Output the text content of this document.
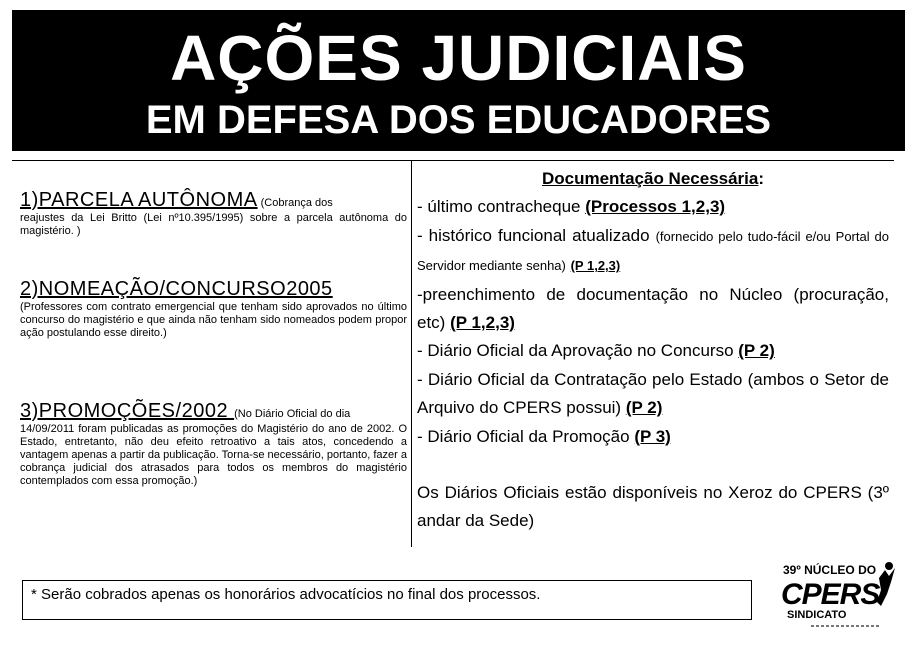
AÇÕES JUDICIAIS
EM DEFESA DOS EDUCADORES
1)PARCELA AUTÔNOMA (Cobrança dos
reajustes da Lei Britto (Lei nº10.395/1995) sobre a parcela autônoma do magistério. )
2)NOMEAÇÃO/CONCURSO2005
(Professores com contrato emergencial que tenham sido aprovados no último concurso do magistério e que ainda não tenham sido nomeados podem propor ação postulando esse direito.)
3)PROMOÇÕES/2002 (No Diário Oficial do dia
14/09/2011 foram publicadas as promoções do Magistério do ano de 2002. O Estado, entretanto, não deu efeito retroativo a tais atos, concedendo a vantagem apenas a partir da publicação. Torna-se necessário, portanto, fazer a cobrança judicial dos atrasados para todos os membros do magistério contemplados com essa promoção.)
Documentação Necessária:
- último contracheque (Processos 1,2,3)
- histórico funcional atualizado (fornecido pelo tudo-fácil e/ou Portal do Servidor mediante senha) (P 1,2,3)
-preenchimento de documentação no Núcleo (procuração, etc) (P 1,2,3)
- Diário Oficial da Aprovação no Concurso (P 2)
- Diário Oficial da Contratação pelo Estado (ambos o Setor de Arquivo do CPERS possui) (P 2)
- Diário Oficial da Promoção (P 3)
Os Diários Oficiais estão disponíveis no Xeroz do CPERS (3º andar da Sede)
* Serão cobrados apenas os honorários advocatícios no final dos processos.
39º NÚCLEO DO
CPERS
SINDICATO
